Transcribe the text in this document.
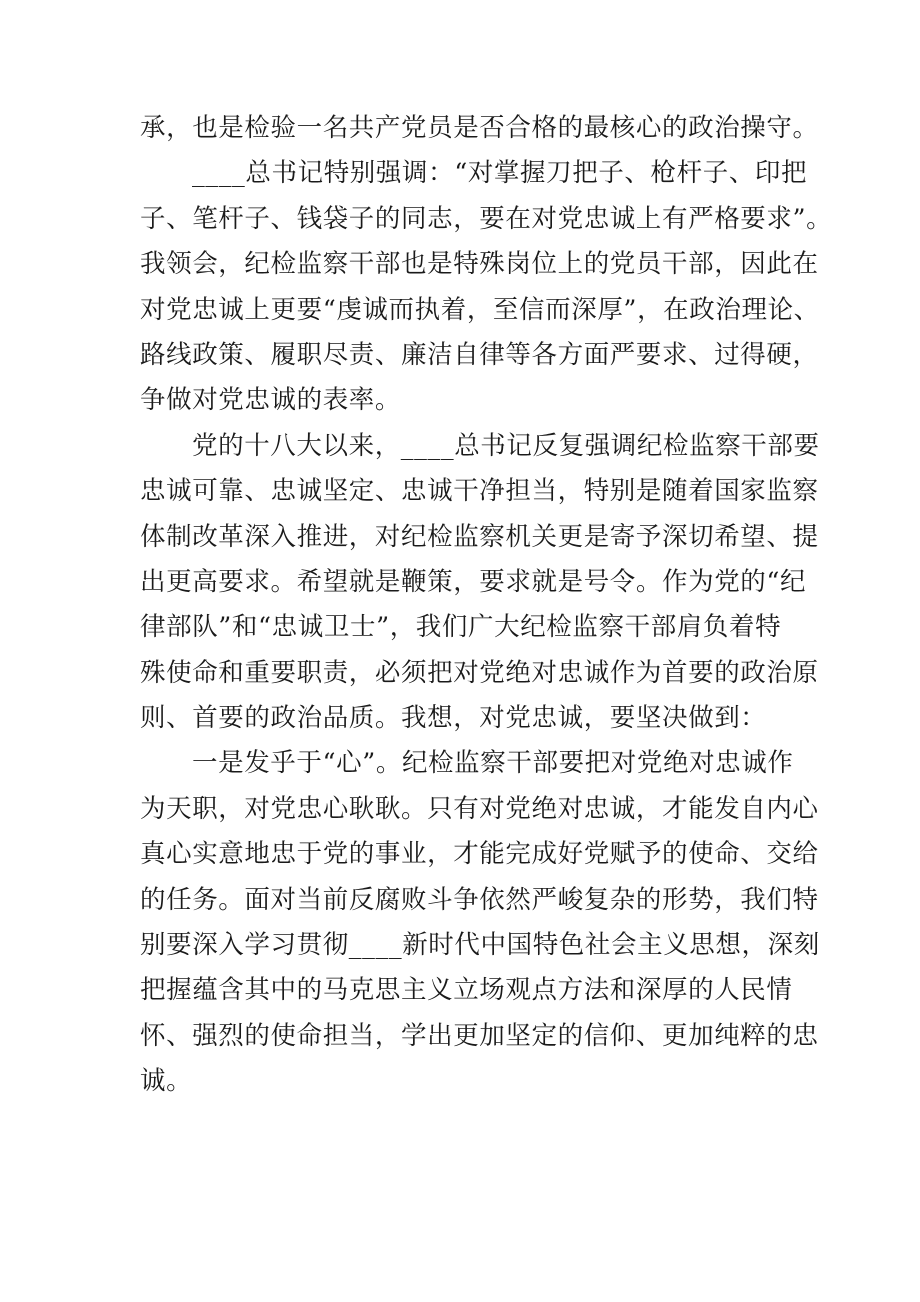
承，也是检验一名共产党员是否合格的最核心的政治操守。

____总书记特别强调：“对掌握刀把子、枪杆子、印把
子、笔杆子、钱袋子的同志，要在对党忠诚上有严格要求”。
我领会，纪检监察干部也是特殊岗位上的党员干部，因此在
对党忠诚上更要“虔诚而执着，至信而深厚”，在政治理论、
路线政策、履职尽责、廉洁自律等各方面严要求、过得硬，
争做对党忠诚的表率。

党的十八大以来，____总书记反复强调纪检监察干部要
忠诚可靠、忠诚坚定、忠诚干净担当，特别是随着国家监察
体制改革深入推进，对纪检监察机关更是寄予深切希望、提
出更高要求。希望就是鞭策，要求就是号令。作为党的“纪
律部队”和“忠诚卫士”，我们广大纪检监察干部肩负着特
殊使命和重要职责，必须把对党绝对忠诚作为首要的政治原
则、首要的政治品质。我想，对党忠诚，要坚决做到：

一是发乎于“心”。纪检监察干部要把对党绝对忠诚作
为天职，对党忠心耿耿。只有对党绝对忠诚，才能发自内心
真心实意地忠于党的事业，才能完成好党赋予的使命、交给
的任务。面对当前反腐败斗争依然严峻复杂的形势，我们特
别要深入学习贯彻____新时代中国特色社会主义思想，深刻
把握蕴含其中的马克思主义立场观点方法和深厚的人民情
怀、强烈的使命担当，学出更加坚定的信仰、更加纯粹的忠
诚。
